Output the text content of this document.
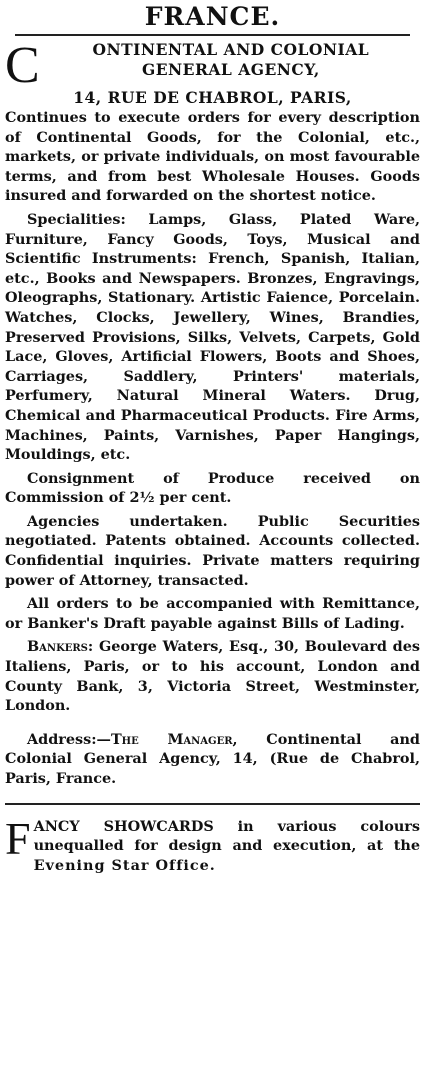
FRANCE.
C	ONTINENTAL AND COLONIAL
GENERAL AGENCY,
14, RUE DE CHABROL, PARIS,

Continues to execute orders for every description of Continental Goods, for the Colonial, etc., markets, or private individuals, on most favourable terms, and from best Wholesale Houses. Goods insured and forwarded on the shortest notice.

Specialities: Lamps, Glass, Plated Ware, Furniture, Fancy Goods, Toys, Musical and Scientific Instruments: French, Spanish, Italian, etc., Books and Newspapers. Bronzes, Engravings, Oleographs, Stationary. Artistic Faience, Porcelain. Watches, Clocks, Jewellery, Wines, Brandies, Preserved Provisions, Silks, Velvets, Carpets, Gold Lace, Gloves, Artificial Flowers, Boots and Shoes, Carriages, Saddlery, Printers' materials, Perfumery, Natural Mineral Waters. Drug, Chemical and Pharmaceutical Products. Fire Arms, Machines, Paints, Varnishes, Paper Hangings, Mouldings, etc.

Consignment of Produce received on Commission of 2½ per cent.

Agencies undertaken. Public Securities negotiated. Patents obtained. Accounts collected. Confidential inquiries. Private matters requiring power of Attorney, transacted.

All orders to be accompanied with Remittance, or Banker's Draft payable against Bills of Lading.

Bankers: George Waters, Esq., 30, Boulevard des Italiens, Paris, or to his account, London and County Bank, 3, Victoria Street, Westminster, London.

Address:—The Manager, Continental and Colonial General Agency, 14, (Rue de Chabrol, Paris, France.

F ANCY SHOWCARDS in various colours unequalled for design and execution, at the Evening Star Office.
